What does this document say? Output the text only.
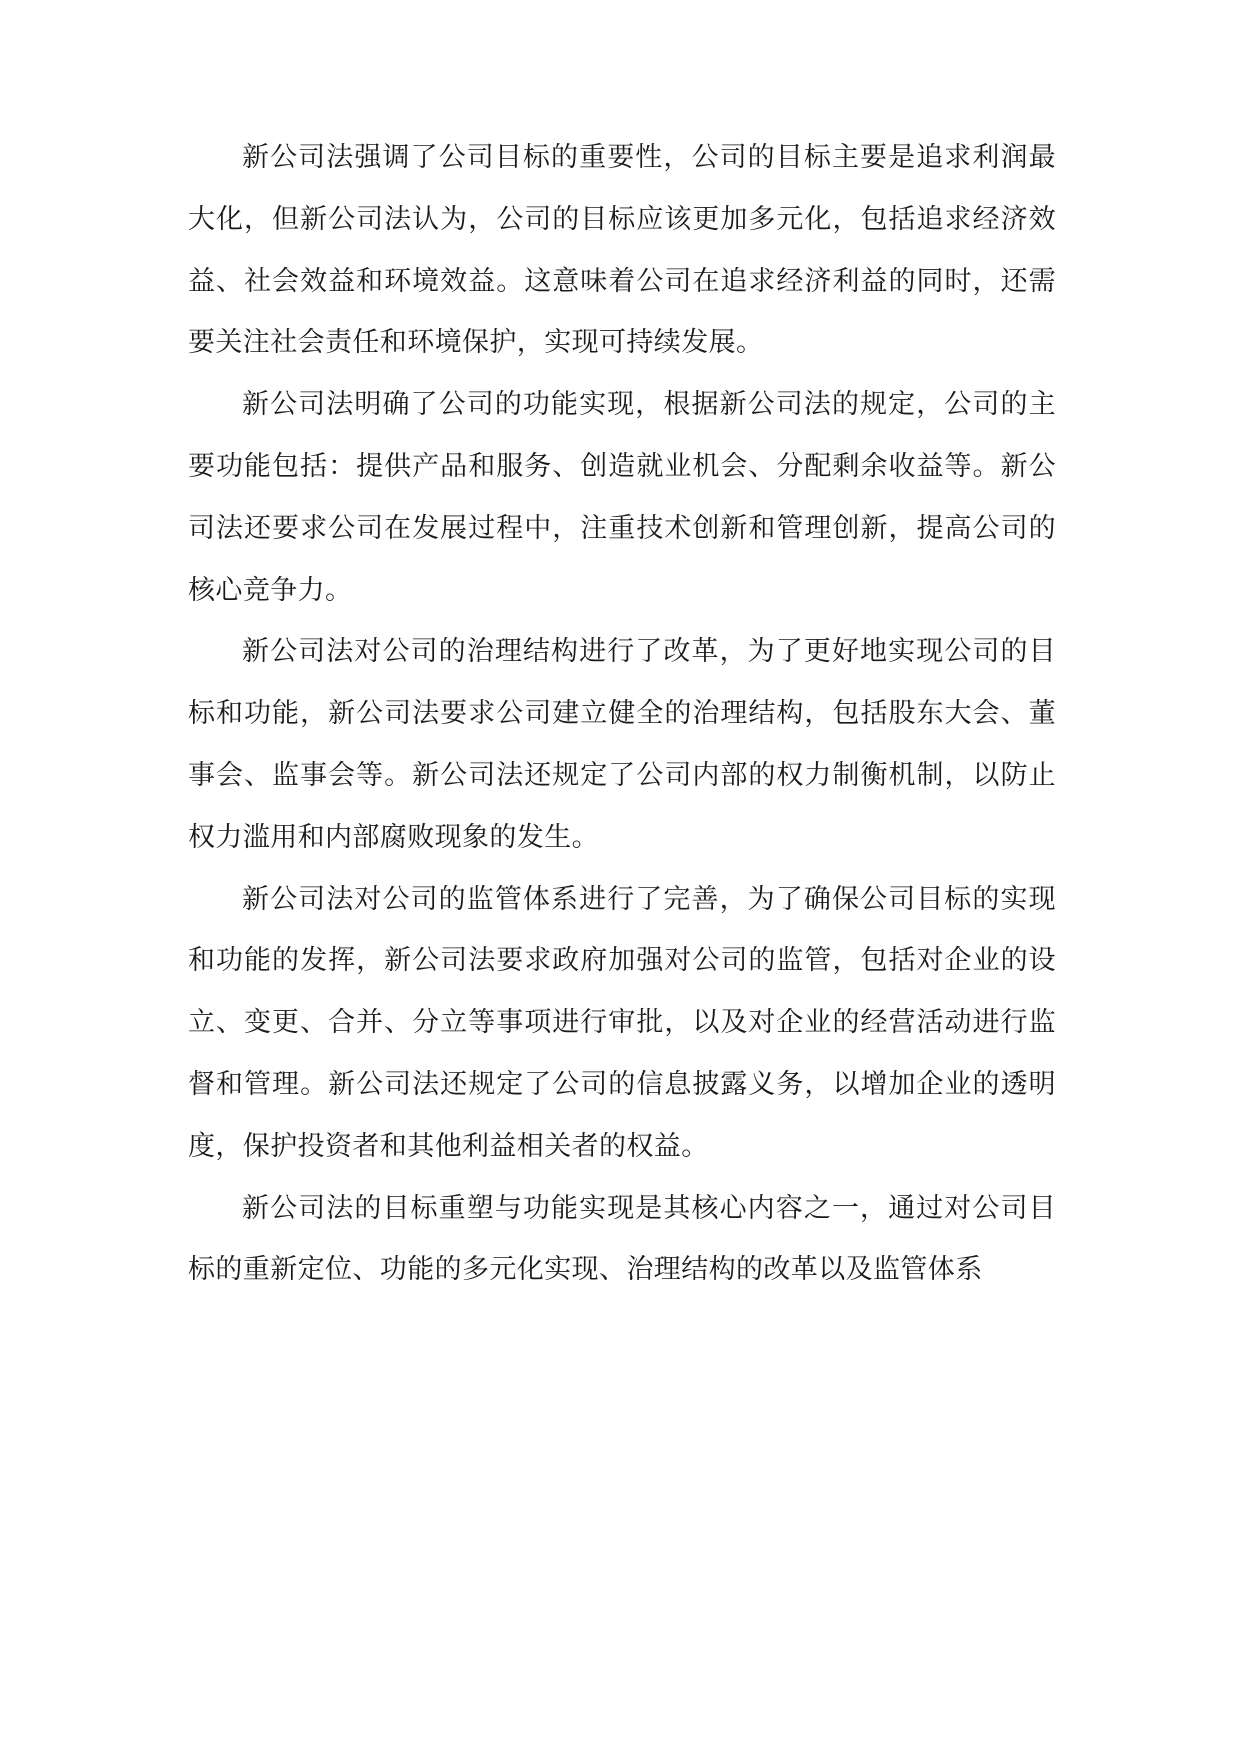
新公司法强调了公司目标的重要性，公司的目标主要是追求利润最大化，但新公司法认为，公司的目标应该更加多元化，包括追求经济效益、社会效益和环境效益。这意味着公司在追求经济利益的同时，还需要关注社会责任和环境保护，实现可持续发展。

新公司法明确了公司的功能实现，根据新公司法的规定，公司的主要功能包括：提供产品和服务、创造就业机会、分配剩余收益等。新公司法还要求公司在发展过程中，注重技术创新和管理创新，提高公司的核心竞争力。

新公司法对公司的治理结构进行了改革，为了更好地实现公司的目标和功能，新公司法要求公司建立健全的治理结构，包括股东大会、董事会、监事会等。新公司法还规定了公司内部的权力制衡机制，以防止权力滥用和内部腐败现象的发生。

新公司法对公司的监管体系进行了完善，为了确保公司目标的实现和功能的发挥，新公司法要求政府加强对公司的监管，包括对企业的设立、变更、合并、分立等事项进行审批，以及对企业的经营活动进行监督和管理。新公司法还规定了公司的信息披露义务，以增加企业的透明度，保护投资者和其他利益相关者的权益。

新公司法的目标重塑与功能实现是其核心内容之一，通过对公司目标的重新定位、功能的多元化实现、治理结构的改革以及监管体系
